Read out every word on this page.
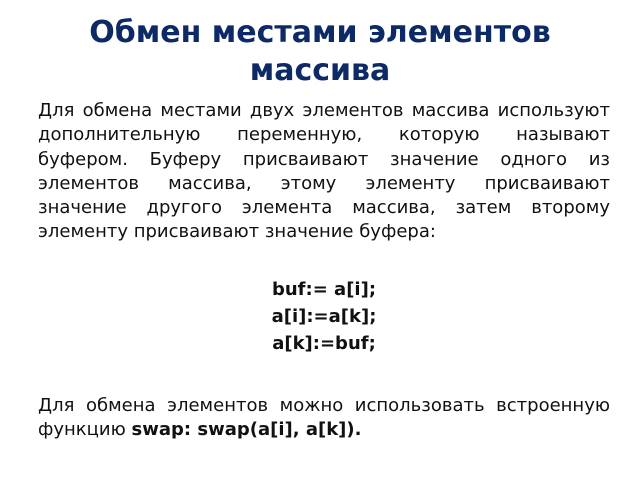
Обмен местами элементов массива

Для обмена местами двух элементов массива используют дополнительную переменную, которую называют буфером. Буферу присваивают значение одного из элементов массива, этому элементу присваивают значение другого элемента массива, затем второму элементу присваивают значение буфера:

buf:= a[i];
a[i]:=a[k];
a[k]:=buf;

Для обмена элементов можно использовать встроенную функцию swap: swap(a[i], a[k]).
